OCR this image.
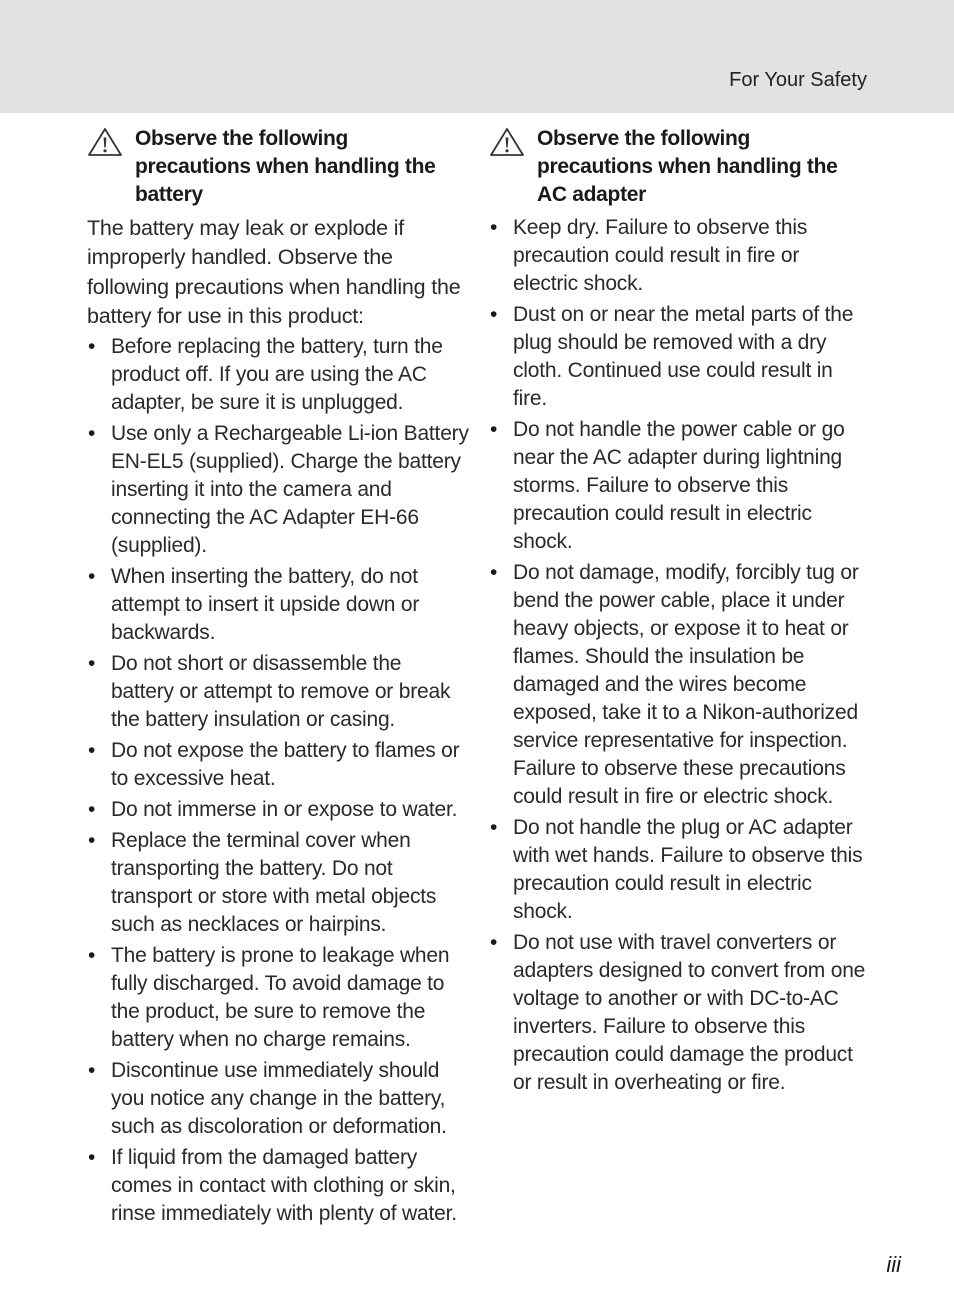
For Your Safety
Observe the following precautions when handling the battery

The battery may leak or explode if improperly handled. Observe the following precautions when handling the battery for use in this product:

• Before replacing the battery, turn the product off. If you are using the AC adapter, be sure it is unplugged.
• Use only a Rechargeable Li-ion Battery EN-EL5 (supplied). Charge the battery inserting it into the camera and connecting the AC Adapter EH-66 (supplied).
• When inserting the battery, do not attempt to insert it upside down or backwards.
• Do not short or disassemble the battery or attempt to remove or break the battery insulation or casing.
• Do not expose the battery to flames or to excessive heat.
• Do not immerse in or expose to water.
• Replace the terminal cover when transporting the battery. Do not transport or store with metal objects such as necklaces or hairpins.
• The battery is prone to leakage when fully discharged. To avoid damage to the product, be sure to remove the battery when no charge remains.
• Discontinue use immediately should you notice any change in the battery, such as discoloration or deformation.
• If liquid from the damaged battery comes in contact with clothing or skin, rinse immediately with plenty of water.
Observe the following precautions when handling the AC adapter
• Keep dry. Failure to observe this precaution could result in fire or electric shock.
• Dust on or near the metal parts of the plug should be removed with a dry cloth. Continued use could result in fire.
• Do not handle the power cable or go near the AC adapter during lightning storms. Failure to observe this precaution could result in electric shock.
• Do not damage, modify, forcibly tug or bend the power cable, place it under heavy objects, or expose it to heat or flames. Should the insulation be damaged and the wires become exposed, take it to a Nikon-authorized service representative for inspection. Failure to observe these precautions could result in fire or electric shock.
• Do not handle the plug or AC adapter with wet hands. Failure to observe this precaution could result in electric shock.
• Do not use with travel converters or adapters designed to convert from one voltage to another or with DC-to-AC inverters. Failure to observe this precaution could damage the product or result in overheating or fire.
iii
